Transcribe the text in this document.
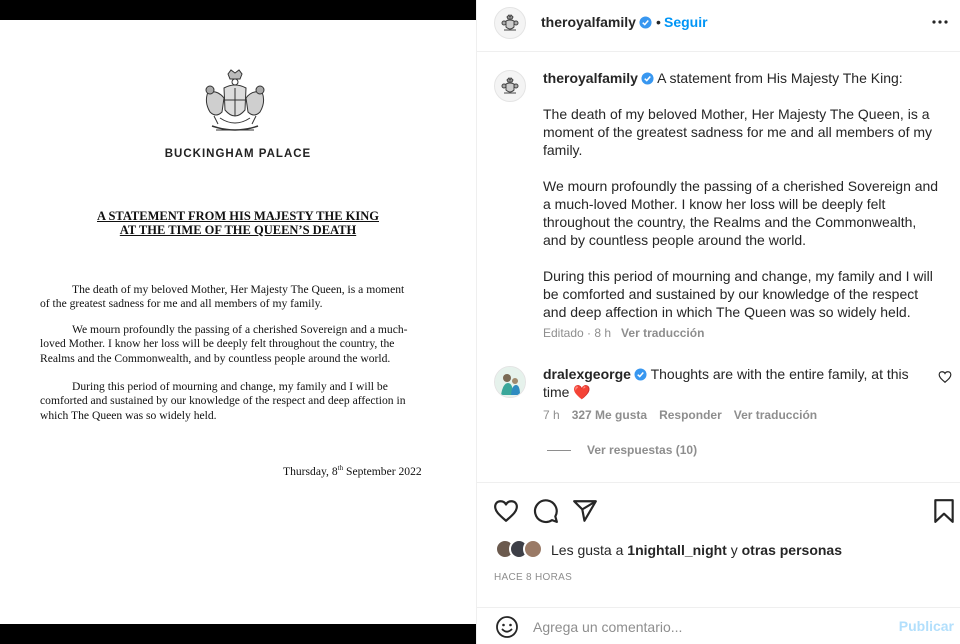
BUCKINGHAM PALACE
A STATEMENT FROM HIS MAJESTY THE KING
AT THE TIME OF THE QUEEN’S DEATH
The death of my beloved Mother, Her Majesty The Queen, is a moment
of the greatest sadness for me and all members of my family.
We mourn profoundly the passing of a cherished Sovereign and a much-
loved Mother. I know her loss will be deeply felt throughout the country, the
Realms and the Commonwealth, and by countless people around the world.
During this period of mourning and change, my family and I will be
comforted and sustained by our knowledge of the respect and deep affection in
which The Queen was so widely held.
Thursday, 8th September 2022
theroyalfamily	• Seguir

theroyalfamily A statement from His Majesty The King:

The death of my beloved Mother, Her Majesty The Queen, is a moment of the greatest sadness for me and all members of my family.

We mourn profoundly the passing of a cherished Sovereign and a much-loved Mother. I know her loss will be deeply felt throughout the country, the Realms and the Commonwealth, and by countless people around the world.

During this period of mourning and change, my family and I will be comforted and sustained by our knowledge of the respect and deep affection in which The Queen was so widely held.

Editado · 8 h Ver traducción
dralexgeorge Thoughts are with the entire family, at this time ❤️
7 h 327 Me gusta Responder Ver traducción
Ver respuestas (10)
Les gusta a 1nightall_night y otras personas
HACE 8 HORAS
Agrega un comentario...
Publicar
